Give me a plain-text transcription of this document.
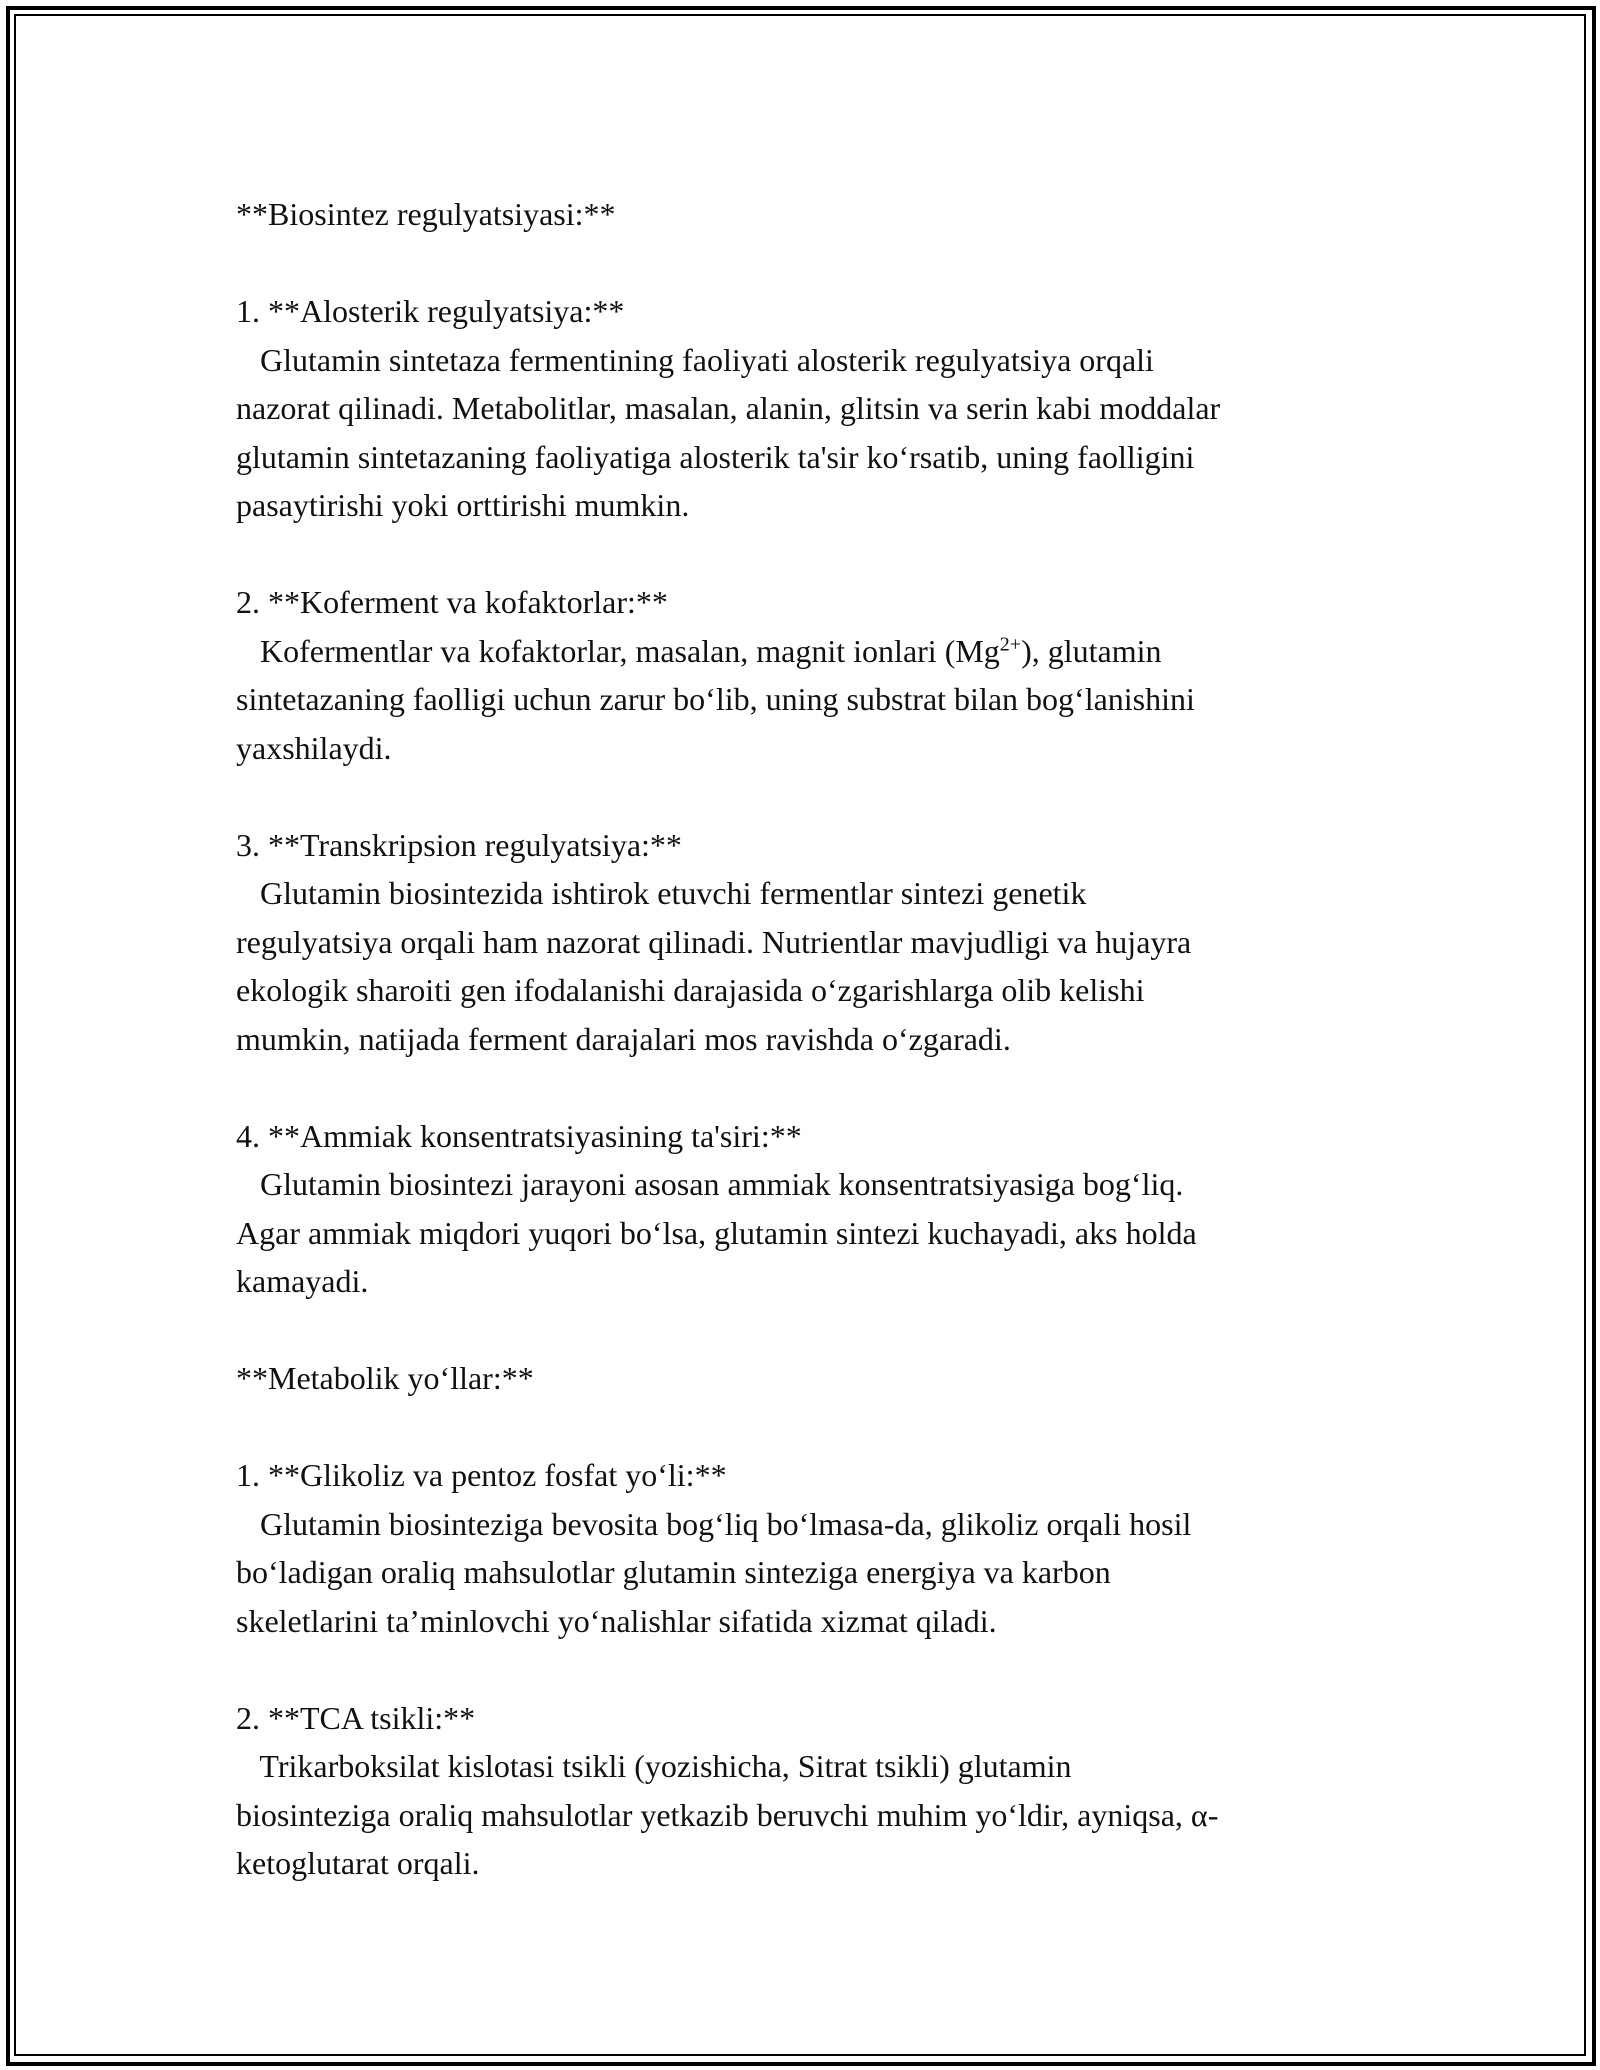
**Biosintez regulyatsiyasi:**

1. **Alosterik regulyatsiya:**

Glutamin sintetaza fermentining faoliyati alosterik regulyatsiya orqali

nazorat qilinadi. Metabolitlar, masalan, alanin, glitsin va serin kabi moddalar

glutamin sintetazaning faoliyatiga alosterik ta'sir ko‘rsatib, uning faolligini

pasaytirishi yoki orttirishi mumkin.

2. **Koferment va kofaktorlar:**

Kofermentlar va kofaktorlar, masalan, magnit ionlari $(Mg^{2+})$, glutamin

sintetazaning faolligi uchun zarur bo‘lib, uning substrat bilan bog‘lanishini

yaxshilaydi.

3. **Transkripsion regulyatsiya:**

Glutamin biosintezida ishtirok etuvchi fermentlar sintezi genetik

regulyatsiya orqali ham nazorat qilinadi. Nutrientlar mavjudligi va hujayra

ekologik sharoiti gen ifodalanishi darajasida o‘zgarishlarga olib kelishi

mumkin, natijada ferment darajalari mos ravishda o‘zgaradi.

4. **Ammiak konsentratsiyasining ta'siri:**

Glutamin biosintezi jarayoni asosan ammiak konsentratsiyasiga bog‘liq.

Agar ammiak miqdori yuqori bo‘lsa, glutamin sintezi kuchayadi, aks holda

kamayadi.

**Metabolik yo‘llar:**

1. **Glikoliz va pentoz fosfat yo‘li:**

Glutamin biosinteziga bevosita bog‘liq bo‘lmasa-da, glikoliz orqali hosil

bo‘ladigan oraliq mahsulotlar glutamin sinteziga energiya va karbon

skeletlarini ta’minlovchi yo‘nalishlar sifatida xizmat qiladi.

2. **TCA tsikli:**

Trikarboksilat kislotasi tsikli (yozishicha, Sitrat tsikli) glutamin

biosinteziga oraliq mahsulotlar yetkazib beruvchi muhim yo‘ldir, ayniqsa, α-

ketoglutarat orqali.
